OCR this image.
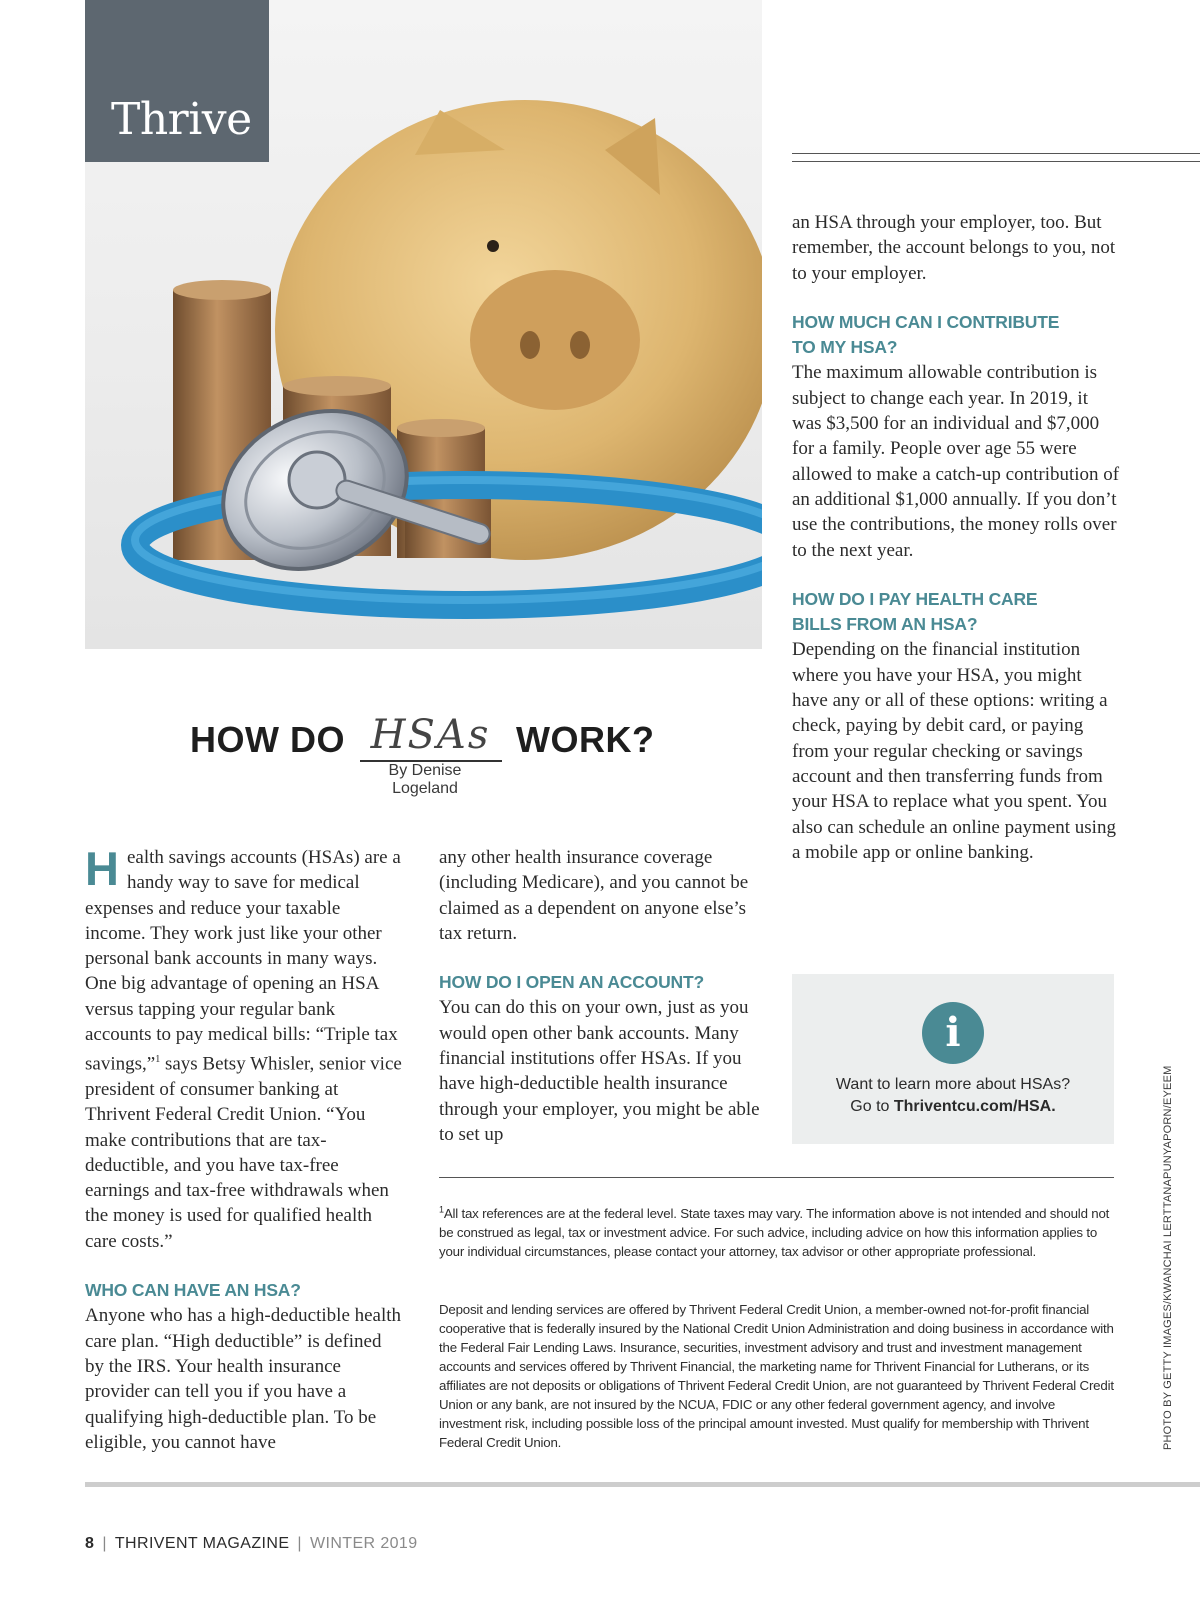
Thrive
HOW DO HSAs WORK?
By Denise Logeland

Health savings accounts (HSAs) are a handy way to save for medical expenses and reduce your taxable income. They work just like your other personal bank accounts in many ways. One big advantage of opening an HSA versus tapping your regular bank accounts to pay medical bills: “Triple tax savings,”$^1$ says Betsy Whisler, senior vice president of consumer banking at Thrivent Federal Credit Union. “You make contributions that are tax-deductible, and you have tax-free earnings and tax-free withdrawals when the money is used for qualified health care costs.”

WHO CAN HAVE AN HSA?

Anyone who has a high-deductible health care plan. “High deductible” is defined by the IRS. Your health insurance provider can tell you if you have a qualifying high-deductible plan. To be eligible, you cannot have

any other health insurance coverage (including Medicare), and you cannot be claimed as a dependent on anyone else’s tax return.

HOW DO I OPEN AN ACCOUNT?

You can do this on your own, just as you would open other bank accounts. Many financial institutions offer HSAs. If you have high-deductible health insurance through your employer, you might be able to set up

an HSA through your employer, too. But remember, the account belongs to you, not to your employer.

HOW MUCH CAN I CONTRIBUTE
TO MY HSA?

The maximum allowable contribution is subject to change each year. In 2019, it was $3,500 for an individual and $7,000 for a family. People over age 55 were allowed to make a catch-up contribution of an additional $1,000 annually. If you don’t use the contributions, the money rolls over to the next year.

HOW DO I PAY HEALTH CARE
BILLS FROM AN HSA?

Depending on the financial institution where you have your HSA, you might have any or all of these options: writing a check, paying by debit card, or paying from your regular checking or savings account and then transferring funds from your HSA to replace what you spent. You also can schedule an online payment using a mobile app or online banking.

i
Want to learn more about HSAs?
Go to Thriventcu.com/HSA.

$^1$All tax references are at the federal level. State taxes may vary. The information above is not intended and should not be construed as legal, tax or investment advice. For such advice, including advice on how this information applies to your individual circumstances, please contact your attorney, tax advisor or other appropriate professional.

Deposit and lending services are offered by Thrivent Federal Credit Union, a member-owned not-for-profit financial cooperative that is federally insured by the National Credit Union Administration and doing business in accordance with the Federal Fair Lending Laws. Insurance, securities, investment advisory and trust and investment management accounts and services offered by Thrivent Financial, the marketing name for Thrivent Financial for Lutherans, or its affiliates are not deposits or obligations of Thrivent Federal Credit Union, are not guaranteed by Thrivent Federal Credit Union or any bank, are not insured by the NCUA, FDIC or any other federal government agency, and involve investment risk, including possible loss of the principal amount invested. Must qualify for membership with Thrivent Federal Credit Union.	PHOTO BY GETTY IMAGES/KWANCHAI LERTTANAPUNYAPORN/EYEEM
8 | THRIVENT MAGAZINE | WINTER 2019
